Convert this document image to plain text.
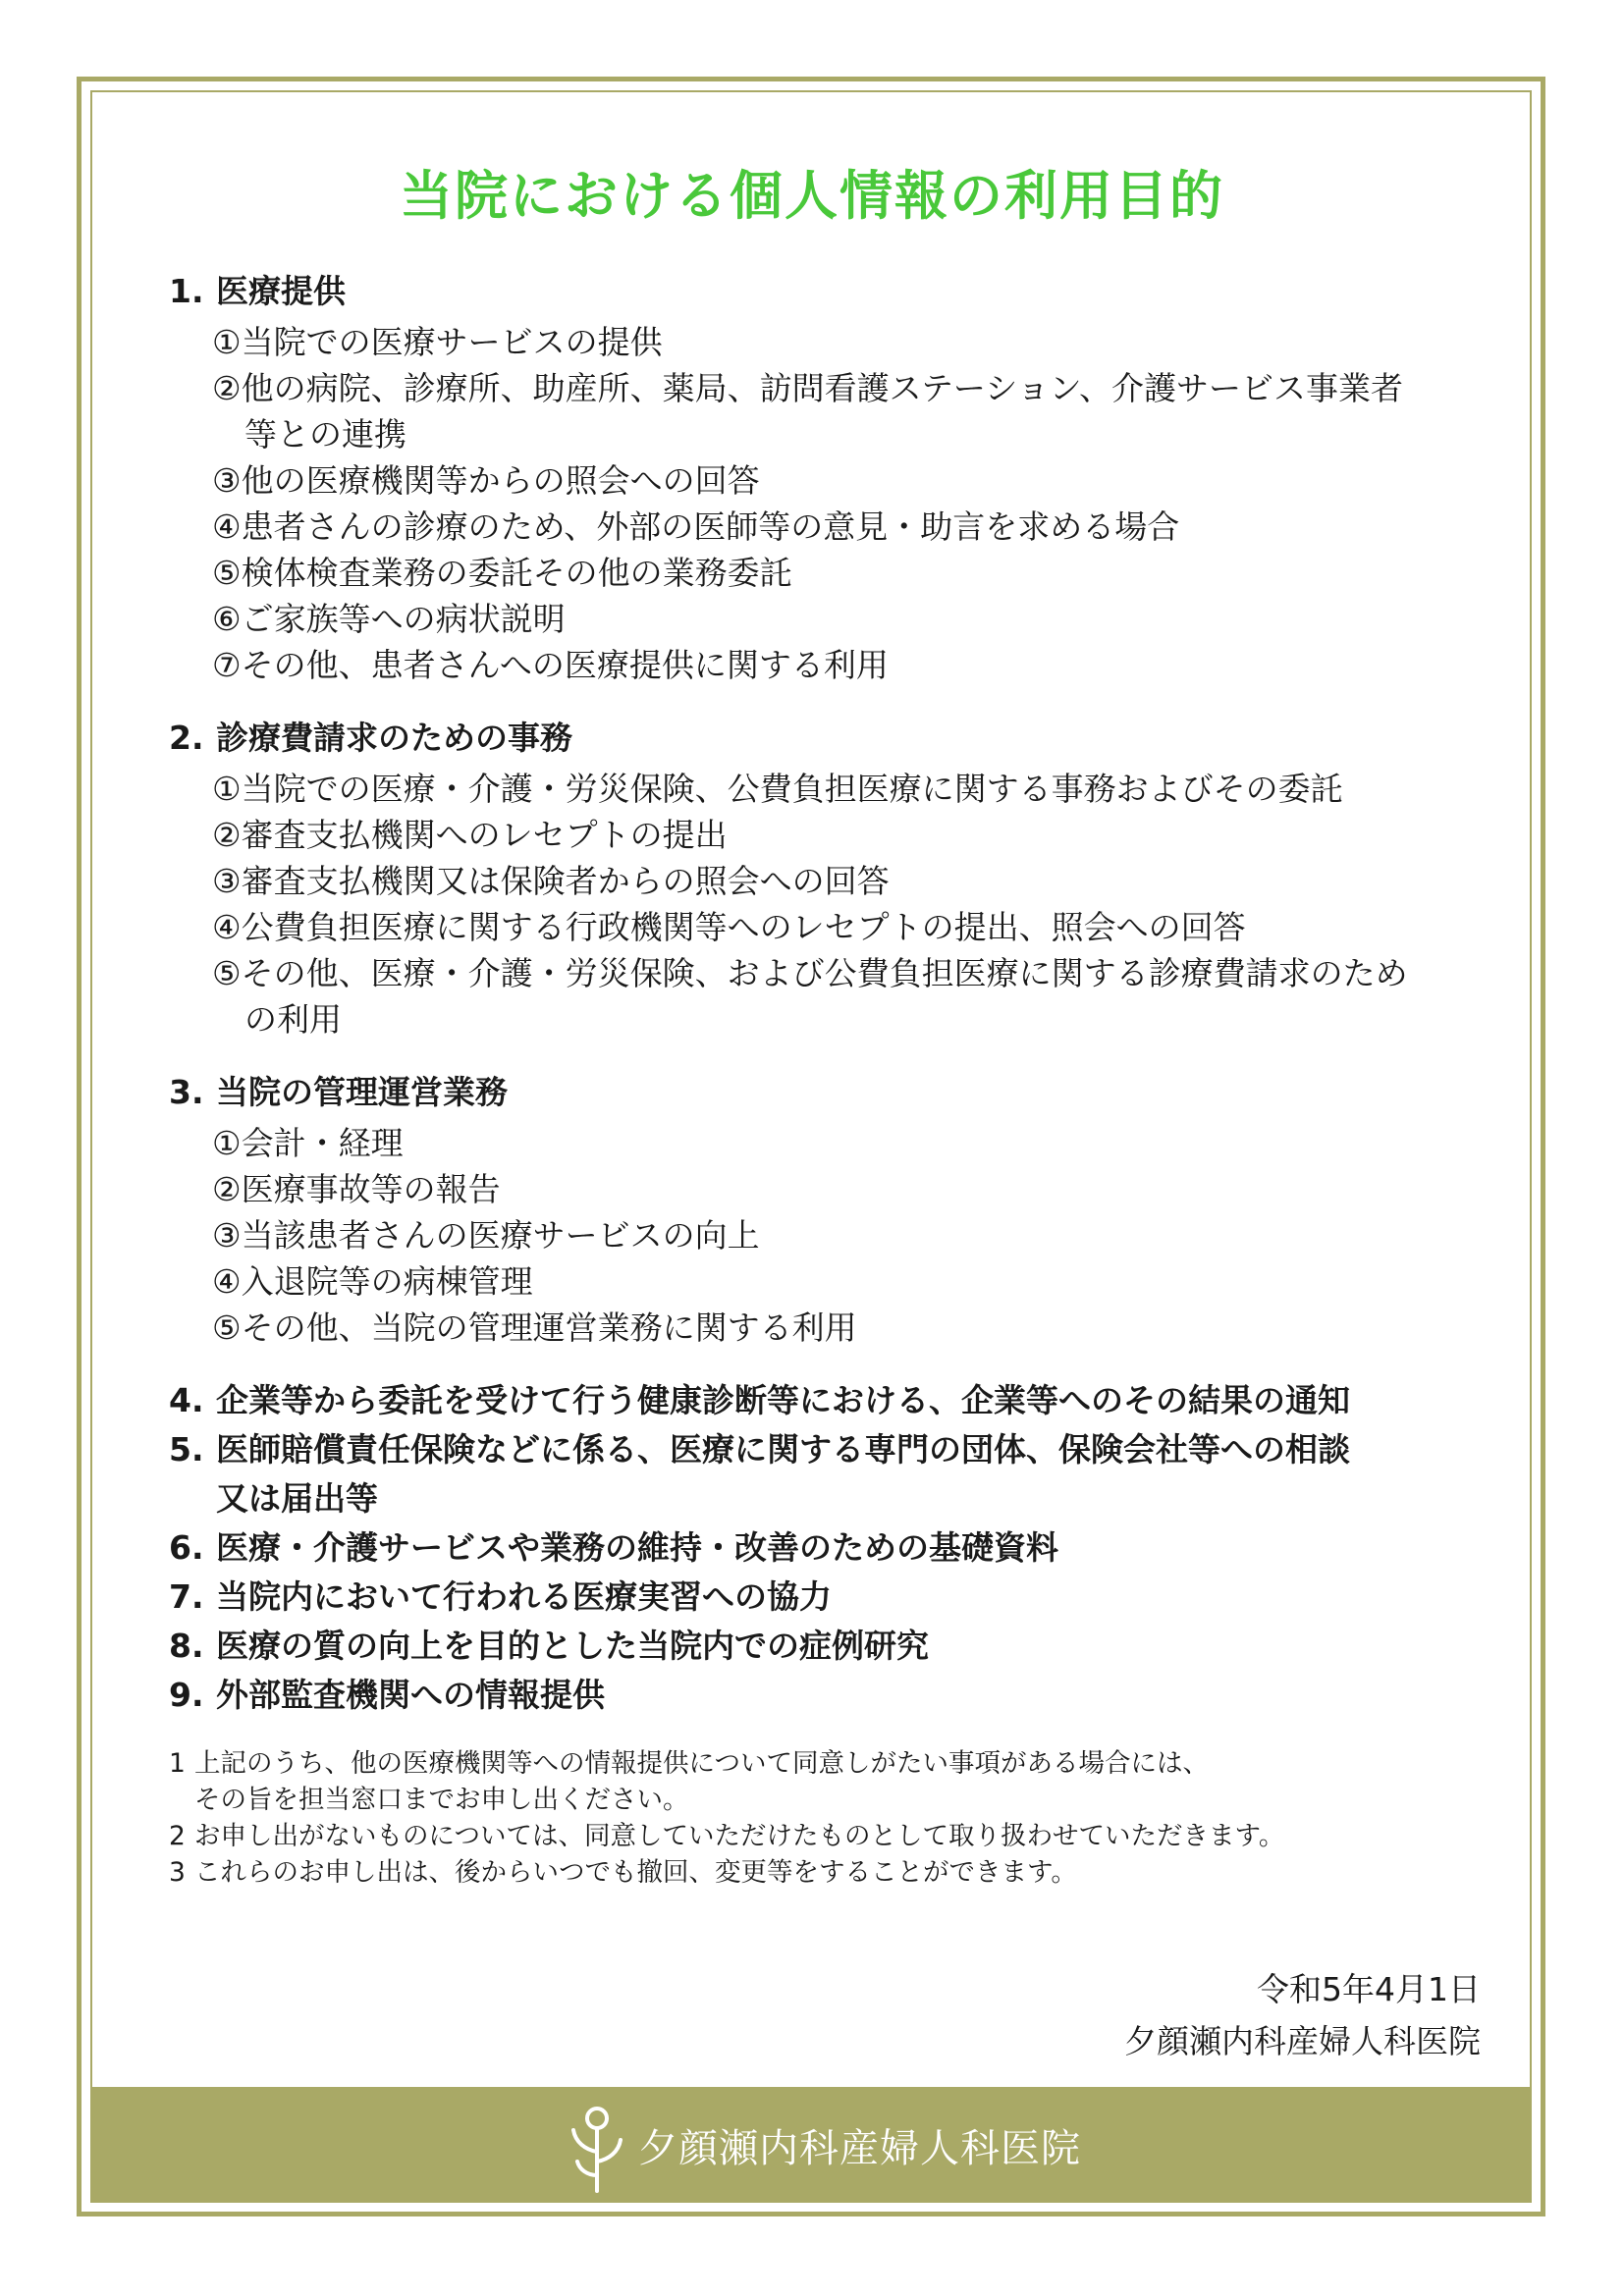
当院における個人情報の利用目的
1. 医療提供
①当院での医療サービスの提供
②他の病院、診療所、助産所、薬局、訪問看護ステーション、介護サービス事業者
等との連携
③他の医療機関等からの照会への回答
④患者さんの診療のため、外部の医師等の意見・助言を求める場合
⑤検体検査業務の委託その他の業務委託
⑥ご家族等への病状説明
⑦その他、患者さんへの医療提供に関する利用
2. 診療費請求のための事務
①当院での医療・介護・労災保険、公費負担医療に関する事務およびその委託
②審査支払機関へのレセプトの提出
③審査支払機関又は保険者からの照会への回答
④公費負担医療に関する行政機関等へのレセプトの提出、照会への回答
⑤その他、医療・介護・労災保険、および公費負担医療に関する診療費請求のため
の利用
3. 当院の管理運営業務
①会計・経理
②医療事故等の報告
③当該患者さんの医療サービスの向上
④入退院等の病棟管理
⑤その他、当院の管理運営業務に関する利用
4. 企業等から委託を受けて行う健康診断等における、企業等へのその結果の通知
5. 医師賠償責任保険などに係る、医療に関する専門の団体、保険会社等への相談
又は届出等
6. 医療・介護サービスや業務の維持・改善のための基礎資料
7. 当院内において行われる医療実習への協力
8. 医療の質の向上を目的とした当院内での症例研究
9. 外部監査機関への情報提供
1 上記のうち、他の医療機関等への情報提供について同意しがたい事項がある場合には、
その旨を担当窓口までお申し出ください。
2 お申し出がないものについては、同意していただけたものとして取り扱わせていただきます。
3 これらのお申し出は、後からいつでも撤回、変更等をすることができます。
令和5年4月1日
夕顔瀬内科産婦人科医院
夕顔瀬内科産婦人科医院
